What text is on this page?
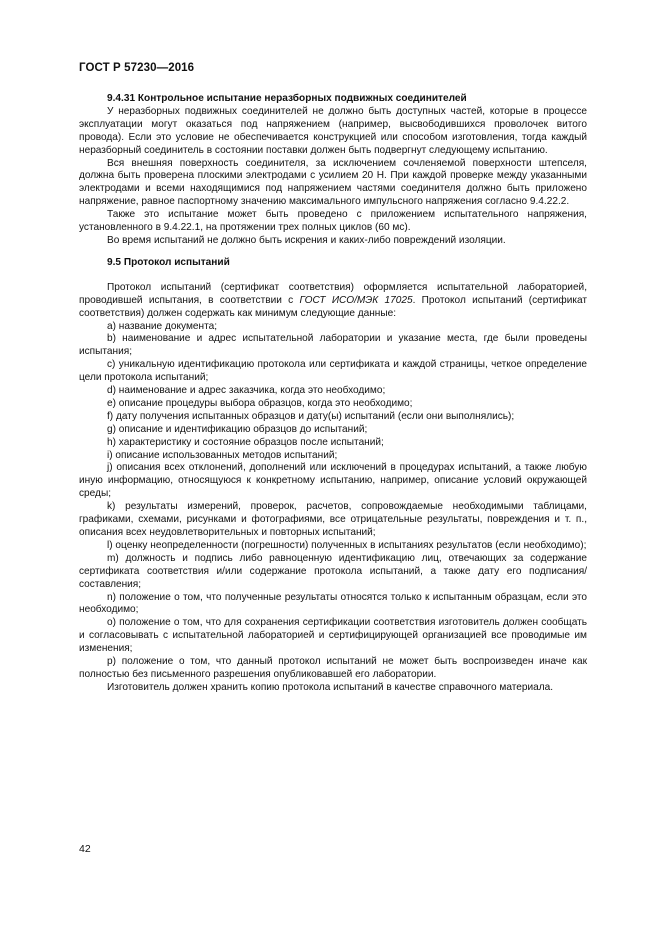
ГОСТ Р 57230—2016

9.4.31 Контрольное испытание неразборных подвижных соединителей

У неразборных подвижных соединителей не должно быть доступных частей, которые в процессе эксплуатации могут оказаться под напряжением (например, высвободившихся проволочек витого провода). Если это условие не обеспечивается конструкцией или способом изготовления, тогда каждый неразборный соединитель в состоянии поставки должен быть подвергнут следующему испытанию.

Вся внешняя поверхность соединителя, за исключением сочленяемой поверхности штепселя, должна быть проверена плоскими электродами с усилием 20 Н. При каждой проверке между указанными электродами и всеми находящимися под напряжением частями соединителя должно быть приложено напряжение, равное паспортному значению максимального импульсного напряжения согласно 9.4.22.2.

Также это испытание может быть проведено с приложением испытательного напряжения, установленного в 9.4.22.1, на протяжении трех полных циклов (60 мс).

Во время испытаний не должно быть искрения и каких-либо повреждений изоляции.

9.5 Протокол испытаний

Протокол испытаний (сертификат соответствия) оформляется испытательной лабораторией, проводившей испытания, в соответствии с ГОСТ ИСО/МЭК 17025. Протокол испытаний (сертификат соответствия) должен содержать как минимум следующие данные:

а) название документа;

b) наименование и адрес испытательной лаборатории и указание места, где были проведены испытания;

c) уникальную идентификацию протокола или сертификата и каждой страницы, четкое определение цели протокола испытаний;

d) наименование и адрес заказчика, когда это необходимо;

e) описание процедуры выбора образцов, когда это необходимо;

f) дату получения испытанных образцов и дату(ы) испытаний (если они выполнялись);

g) описание и идентификацию образцов до испытаний;

h) характеристику и состояние образцов после испытаний;

i) описание использованных методов испытаний;

j) описания всех отклонений, дополнений или исключений в процедурах испытаний, а также любую иную информацию, относящуюся к конкретному испытанию, например, описание условий окружающей среды;

k) результаты измерений, проверок, расчетов, сопровождаемые необходимыми таблицами, графиками, схемами, рисунками и фотографиями, все отрицательные результаты, повреждения и т. п., описания всех неудовлетворительных и повторных испытаний;

l) оценку неопределенности (погрешности) полученных в испытаниях результатов (если необходимо);

m) должность и подпись либо равноценную идентификацию лиц, отвечающих за содержание сертификата соответствия и/или содержание протокола испытаний, а также дату его подписания/составления;

n) положение о том, что полученные результаты относятся только к испытанным образцам, если это необходимо;

o) положение о том, что для сохранения сертификации соответствия изготовитель должен сообщать и согласовывать с испытательной лабораторией и сертифицирующей организацией все проводимые им изменения;

p) положение о том, что данный протокол испытаний не может быть воспроизведен иначе как полностью без письменного разрешения опубликовавшей его лаборатории.

Изготовитель должен хранить копию протокола испытаний в качестве справочного материала.

42
